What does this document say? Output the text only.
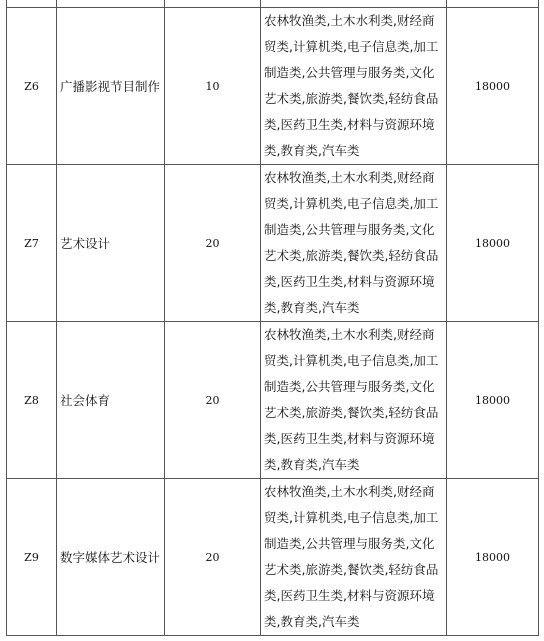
Z6	广播影视节目制作	10	农林牧渔类,土木水利类,财经商贸类,计算机类,电子信息类,加工制造类,公共管理与服务类,文化艺术类,旅游类,餐饮类,轻纺食品类,医药卫生类,材料与资源环境类,教育类,汽车类	18000
Z7	艺术设计	20	农林牧渔类,土木水利类,财经商贸类,计算机类,电子信息类,加工制造类,公共管理与服务类,文化艺术类,旅游类,餐饮类,轻纺食品类,医药卫生类,材料与资源环境类,教育类,汽车类	18000
Z8	社会体育	20	农林牧渔类,土木水利类,财经商贸类,计算机类,电子信息类,加工制造类,公共管理与服务类,文化艺术类,旅游类,餐饮类,轻纺食品类,医药卫生类,材料与资源环境类,教育类,汽车类	18000
Z9	数字媒体艺术设计	20	农林牧渔类,土木水利类,财经商贸类,计算机类,电子信息类,加工制造类,公共管理与服务类,文化艺术类,旅游类,餐饮类,轻纺食品类,医药卫生类,材料与资源环境类,教育类,汽车类	18000
